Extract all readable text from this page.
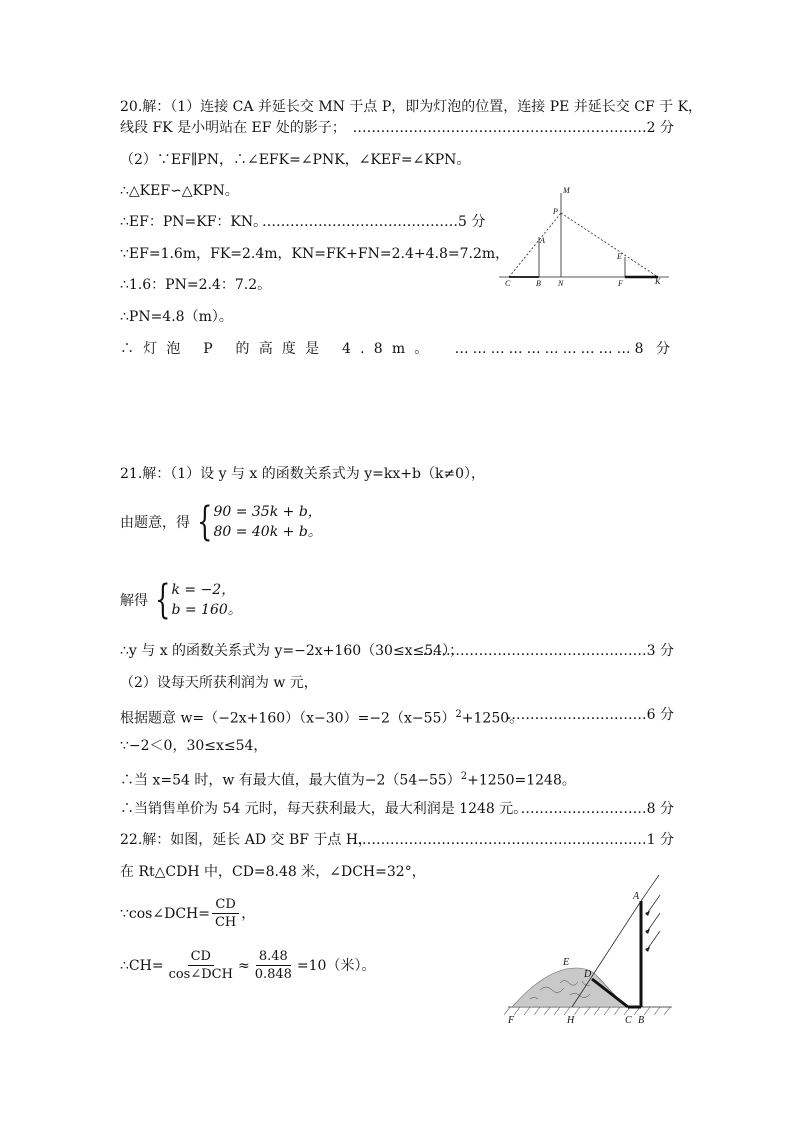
20.解：（1）连接 CA 并延长交 MN 于点 P，即为灯泡的位置，连接 PE 并延长交 CF 于 K，
线段 FK 是小明站在 EF 处的影子； ………………………………………………………2 分
（2）∵EF∥PN，∴∠EFK=∠PNK，∠KEF=∠KPN。
∴△KEF∽△KPN。
∴EF：PN=KF：KN。
……………………………………5 分
∵EF=1.6m，FK=2.4m，KN=FK+FN=2.4+4.8=7.2m，
∴1.6：PN=2.4：7.2。
∴PN=4.8（m）。
∴灯泡 P 的高度是 4.8m。 …………………………8 分
M
P
A
E
C	B N	F	K
21.解：（1）设 y 与 x 的函数关系式为 y=kx+b（k≠0），
由题意，得 { 90 = 35k + b，
80 = 40k + b。
解得 { k = −2，
b = 160。
∴y 与 x 的函数关系式为 y=−2x+160（30≤x≤54）；
…………………………………………3 分
（2）设每天所获利润为 w 元，
根据题意 $w=(-2x+160)(x-30)=-2(x-55)^2+1250$。
…………………………6 分
∵−2＜0，30≤x≤54，
∴当 x=54 时，w 有最大值，最大值为$-2(54-55)^2+1250=1248$。
∴当销售单价为 54 元时，每天获利最大，最大利润是 1248 元。
………………………8 分
22.解：如图，延长 AD 交 BF 于点 H，
………………………………………………………1 分
在 Rt△CDH 中，CD=8.48 米，∠DCH=32°，
∵cos∠DCH= $\frac{CD}{CH}$ ，
∴CH= $\frac{CD}{\text{cos∠DCH}} \approx \frac{8.48}{0.848} =10$（米）。
A
E
D
F	H	C B
